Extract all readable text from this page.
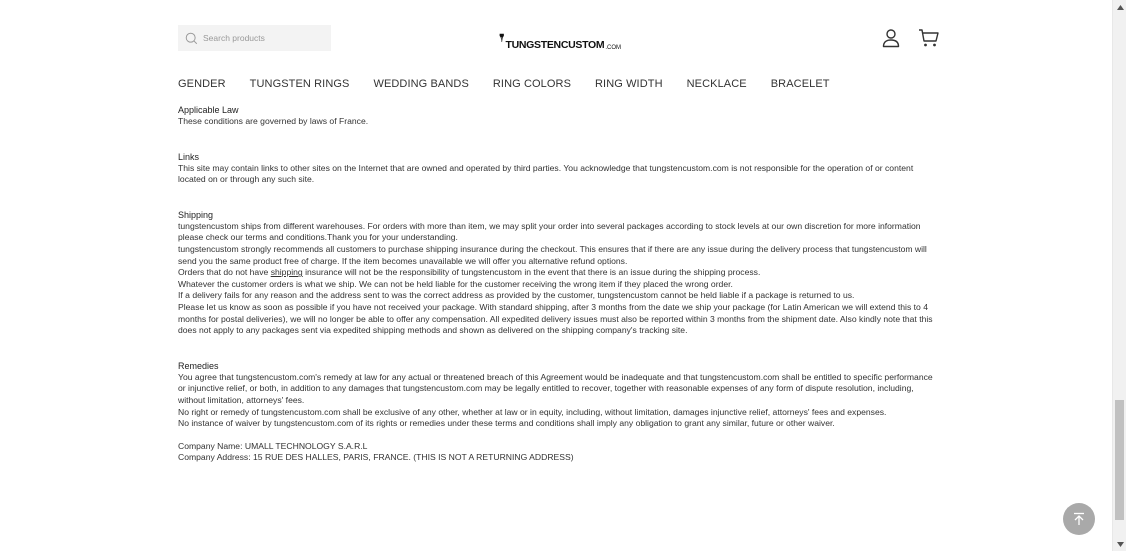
Search products
TUNGSTENCUSTOM .COM
GENDER TUNGSTEN RINGS WEDDING BANDS RING COLORS RING WIDTH NECKLACE BRACELET
Applicable Law
These conditions are governed by laws of France.
Links
This site may contain links to other sites on the Internet that are owned and operated by third parties. You acknowledge that tungstencustom.com is not responsible for the operation of or content located on or through any such site.
Shipping
tungstencustom ships from different warehouses. For orders with more than item, we may split your order into several packages according to stock levels at our own discretion for more information please check our terms and conditions.Thank you for your understanding.
tungstencustom strongly recommends all customers to purchase shipping insurance during the checkout. This ensures that if there are any issue during the delivery process that tungstencustom will send you the same product free of charge. If the item becomes unavailable we will offer you alternative refund options.
Orders that do not have shipping insurance will not be the responsibility of tungstencustom in the event that there is an issue during the shipping process.
Whatever the customer orders is what we ship. We can not be held liable for the customer receiving the wrong item if they placed the wrong order.
If a delivery fails for any reason and the address sent to was the correct address as provided by the customer, tungstencustom cannot be held liable if a package is returned to us.
Please let us know as soon as possible if you have not received your package. With standard shipping, after 3 months from the date we ship your package (for Latin American we will extend this to 4 months for postal deliveries), we will no longer be able to offer any compensation. All expedited delivery issues must also be reported within 3 months from the shipment date. Also kindly note that this does not apply to any packages sent via expedited shipping methods and shown as delivered on the shipping company's tracking site.
Remedies
You agree that tungstencustom.com's remedy at law for any actual or threatened breach of this Agreement would be inadequate and that tungstencustom.com shall be entitled to specific performance or injunctive relief, or both, in addition to any damages that tungstencustom.com may be legally entitled to recover, together with reasonable expenses of any form of dispute resolution, including, without limitation, attorneys' fees.
No right or remedy of tungstencustom.com shall be exclusive of any other, whether at law or in equity, including, without limitation, damages injunctive relief, attorneys' fees and expenses.
No instance of waiver by tungstencustom.com of its rights or remedies under these terms and conditions shall imply any obligation to grant any similar, future or other waiver.
Company Name: UMALL TECHNOLOGY S.A.R.L
Company Address: 15 RUE DES HALLES, PARIS, FRANCE. (THIS IS NOT A RETURNING ADDRESS)
